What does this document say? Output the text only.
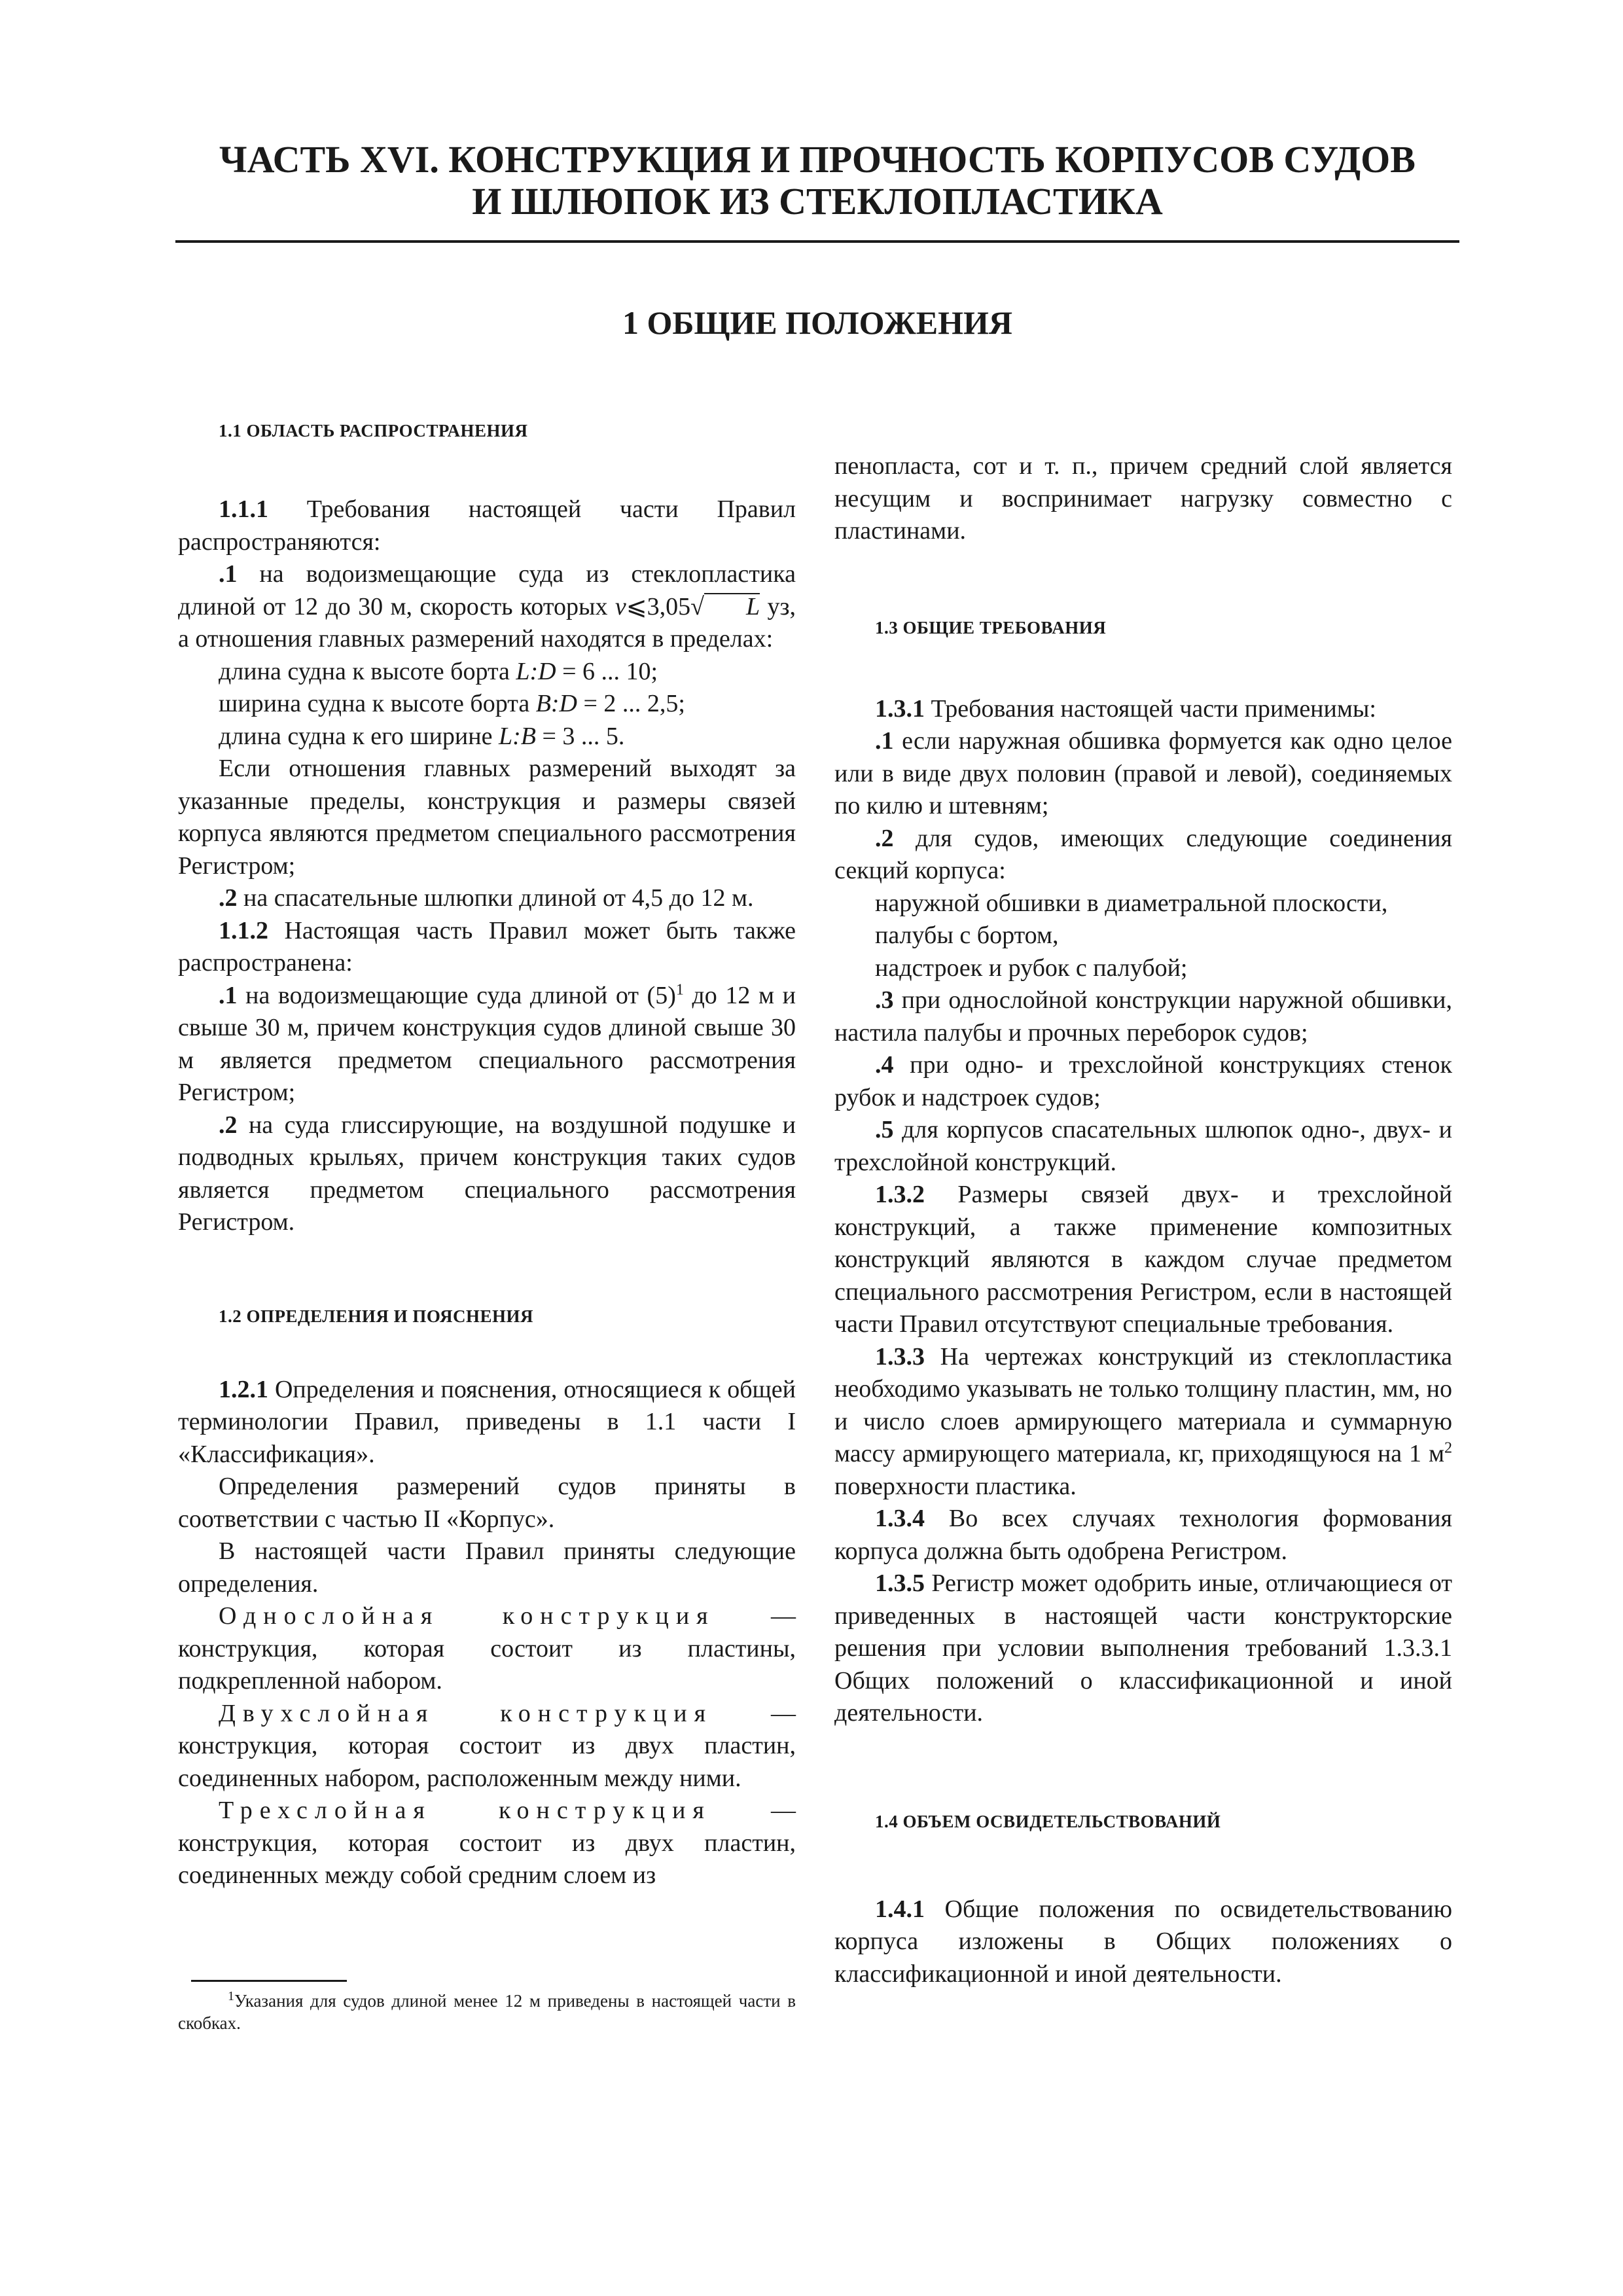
ЧАСТЬ XVI. КОНСТРУКЦИЯ И ПРОЧНОСТЬ КОРПУСОВ СУДОВ
И ШЛЮПОК ИЗ СТЕКЛОПЛАСТИКА
1 ОБЩИЕ ПОЛОЖЕНИЯ

1.1 ОБЛАСТЬ РАСПРОСТРАНЕНИЯ

1.1.1 Требования настоящей части Правил распространяются:

.1 на водоизмещающие суда из стеклопластика длиной от 12 до 30 м, скорость которых v⩽3,05√ L уз, а отношения главных размерений находятся в пределах:

длина судна к высоте борта L:D = 6 ... 10;

ширина судна к высоте борта B:D = 2 ... 2,5;

длина судна к его ширине L:B = 3 ... 5.

Если отношения главных размерений выходят за указанные пределы, конструкция и размеры связей корпуса являются предметом специального рассмотрения Регистром;

.2 на спасательные шлюпки длиной от 4,5 до 12 м.

1.1.2 Настоящая часть Правил может быть также распространена:

.1 на водоизмещающие суда длиной от $(5)^1$ до 12 м и свыше 30 м, причем конструкция судов длиной свыше 30 м является предметом специального рассмотрения Регистром;

.2 на суда глиссирующие, на воздушной подушке и подводных крыльях, причем конструкция таких судов является предметом специального рассмотрения Регистром.

1.2 ОПРЕДЕЛЕНИЯ И ПОЯСНЕНИЯ

1.2.1 Определения и пояснения, относящиеся к общей терминологии Правил, приведены в 1.1 части I «Классификация».

Определения размерений судов приняты в соответствии с частью II «Корпус».

В настоящей части Правил приняты следующие определения.

Однослойная конструкция — конструкция, которая состоит из пластины, подкрепленной набором.

Двухслойная конструкция — конструкция, которая состоит из двух пластин, соединенных набором, расположенным между ними.

Трехслойная конструкция — конструкция, которая состоит из двух пластин, соединенных между собой средним слоем из

$^1$Указания для судов длиной менее 12 м приведены в настоящей части в скобках.

пенопласта, сот и т. п., причем средний слой является несущим и воспринимает нагрузку совместно с пластинами.

1.3 ОБЩИЕ ТРЕБОВАНИЯ

1.3.1 Требования настоящей части применимы:

.1 если наружная обшивка формуется как одно целое или в виде двух половин (правой и левой), соединяемых по килю и штевням;

.2 для судов, имеющих следующие соединения секций корпуса:

наружной обшивки в диаметральной плоскости,

палубы с бортом,

надстроек и рубок с палубой;

.3 при однослойной конструкции наружной обшивки, настила палубы и прочных переборок судов;

.4 при одно- и трехслойной конструкциях стенок рубок и надстроек судов;

.5 для корпусов спасательных шлюпок одно-, двух- и трехслойной конструкций.

1.3.2 Размеры связей двух- и трехслойной конструкций, а также применение композитных конструкций являются в каждом случае предметом специального рассмотрения Регистром, если в настоящей части Правил отсутствуют специальные требования.

1.3.3 На чертежах конструкций из стеклопластика необходимо указывать не только толщину пластин, мм, но и число слоев армирующего материала и суммарную массу армирующего материала, кг, приходящуюся на 1 $м^2$ поверхности пластика.

1.3.4 Во всех случаях технология формования корпуса должна быть одобрена Регистром.

1.3.5 Регистр может одобрить иные, отличающиеся от приведенных в настоящей части конструкторские решения при условии выполнения требований 1.3.3.1 Общих положений о классификационной и иной деятельности.

1.4 ОБЪЕМ ОСВИДЕТЕЛЬСТВОВАНИЙ

1.4.1 Общие положения по освидетельствованию корпуса изложены в Общих положениях о классификационной и иной деятельности.
